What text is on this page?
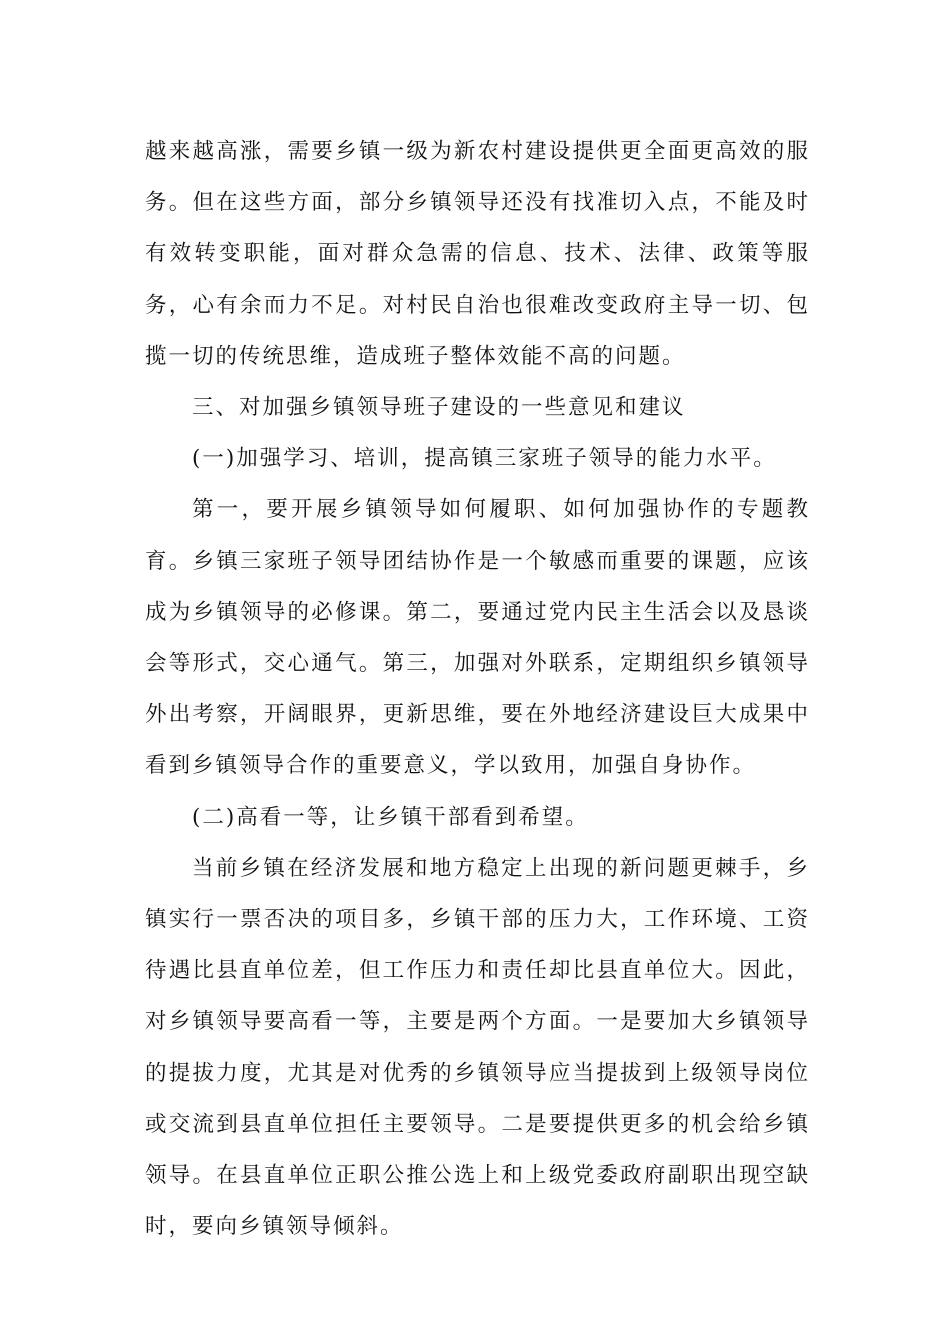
越来越高涨，需要乡镇一级为新农村建设提供更全面更高效的服务。但在这些方面，部分乡镇领导还没有找准切入点，不能及时有效转变职能，面对群众急需的信息、技术、法律、政策等服务，心有余而力不足。对村民自治也很难改变政府主导一切、包揽一切的传统思维，造成班子整体效能不高的问题。

三、对加强乡镇领导班子建设的一些意见和建议

(一)加强学习、培训，提高镇三家班子领导的能力水平。

第一，要开展乡镇领导如何履职、如何加强协作的专题教育。乡镇三家班子领导团结协作是一个敏感而重要的课题，应该成为乡镇领导的必修课。第二，要通过党内民主生活会以及恳谈会等形式，交心通气。第三，加强对外联系，定期组织乡镇领导外出考察，开阔眼界，更新思维，要在外地经济建设巨大成果中看到乡镇领导合作的重要意义，学以致用，加强自身协作。

(二)高看一等，让乡镇干部看到希望。

当前乡镇在经济发展和地方稳定上出现的新问题更棘手，乡镇实行一票否决的项目多，乡镇干部的压力大，工作环境、工资待遇比县直单位差，但工作压力和责任却比县直单位大。因此，对乡镇领导要高看一等，主要是两个方面。一是要加大乡镇领导的提拔力度，尤其是对优秀的乡镇领导应当提拔到上级领导岗位或交流到县直单位担任主要领导。二是要提供更多的机会给乡镇领导。在县直单位正职公推公选上和上级党委政府副职出现空缺时，要向乡镇领导倾斜。
